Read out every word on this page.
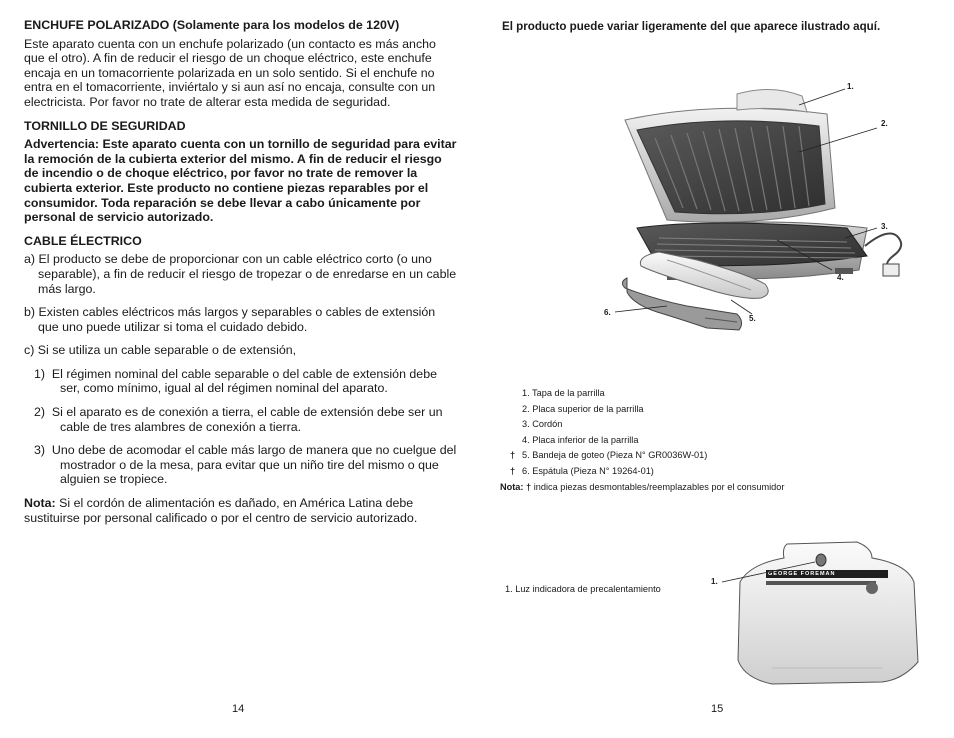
ENCHUFE POLARIZADO (Solamente para los modelos de 120V)

Este aparato cuenta con un enchufe polarizado (un contacto es más ancho que el otro). A fin de reducir el riesgo de un choque eléctrico, este enchufe encaja en un tomacorriente polarizada en un solo sentido. Si el enchufe no entra en el tomacorriente, inviértalo y si aun así no encaja, consulte con un electricista. Por favor no trate de alterar esta medida de seguridad.

TORNILLO DE SEGURIDAD

Advertencia: Este aparato cuenta con un tornillo de seguridad para evitar la remoción de la cubierta exterior del mismo. A fin de reducir el riesgo de incendio o de choque eléctrico, por favor no trate de remover la cubierta exterior. Este producto no contiene piezas reparables por el consumidor. Toda reparación se debe llevar a cabo únicamente por personal de servicio autorizado.

CABLE ÉLECTRICO

a) El producto se debe de proporcionar con un cable eléctrico corto (o uno separable), a fin de reducir el riesgo de tropezar o de enredarse en un cable más largo.

b) Existen cables eléctricos más largos y separables o cables de extensión que uno puede utilizar si toma el cuidado debido.

c) Si se utiliza un cable separable o de extensión,

1) El régimen nominal del cable separable o del cable de extensión debe ser, como mínimo, igual al del régimen nominal del aparato.

2) Si el aparato es de conexión a tierra, el cable de extensión debe ser un cable de tres alambres de conexión a tierra.

3) Uno debe de acomodar el cable más largo de manera que no cuelgue del mostrador o de la mesa, para evitar que un niño tire del mismo o que alguien se tropiece.

Nota: Si el cordón de alimentación es dañado, en América Latina debe sustituirse por personal calificado o por el centro de servicio autorizado.

14
El producto puede variar ligeramente del que aparece ilustrado aquí.
1.
2.
3.
4.
5.
6.
1. Tapa de la parrilla
2. Placa superior de la parrilla
3. Cordón
4. Placa inferior de la parrilla
† 5. Bandeja de goteo (Pieza N° GR0036W-01)
† 6. Espátula (Pieza N° 19264-01)
Nota: † indica piezas desmontables/reemplazables por el consumidor
1. Luz indicadora de precalentamiento
GEORGE FOREMAN
1.
15
